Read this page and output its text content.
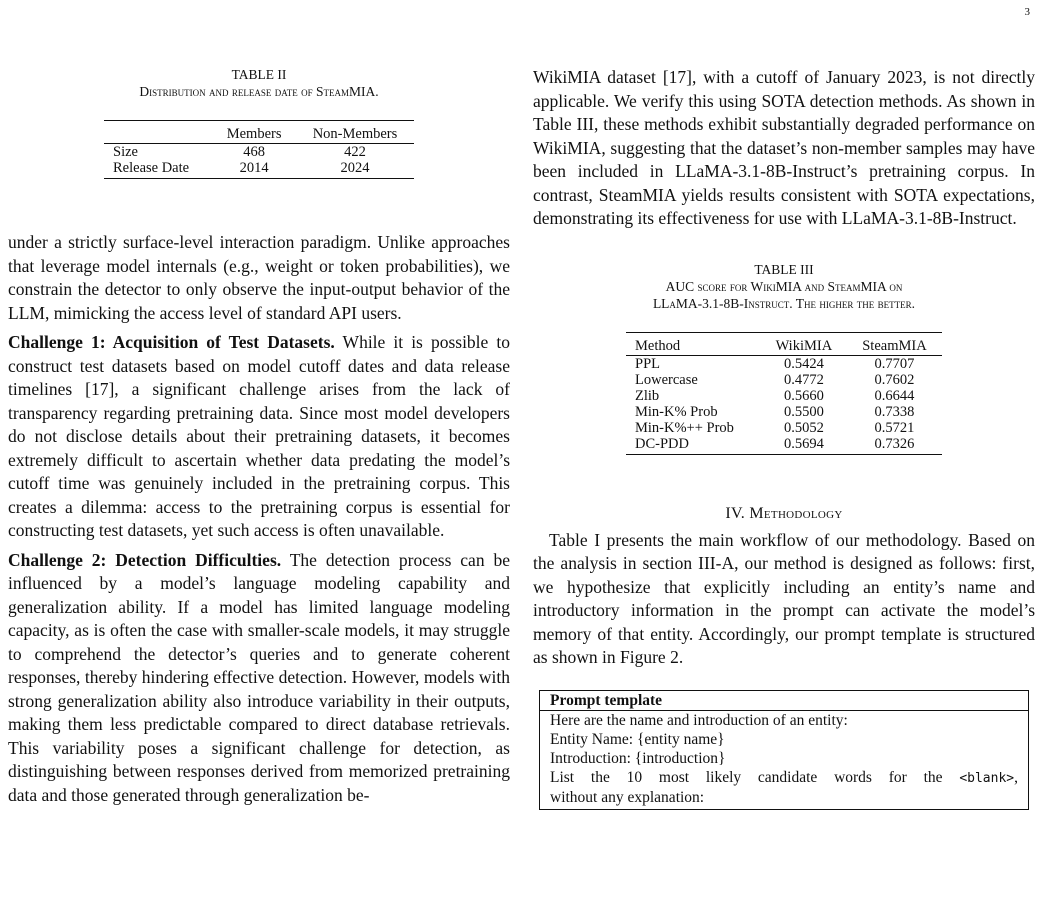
3
TABLE II
Distribution and release date of SteamMIA.
	Members	Non-Members
Size	468	422
Release Date	2014	2024

under a strictly surface-level interaction paradigm. Unlike approaches that leverage model internals (e.g., weight or token probabilities), we constrain the detector to only observe the input-output behavior of the LLM, mimicking the access level of standard API users.

Challenge 1: Acquisition of Test Datasets. While it is possible to construct test datasets based on model cutoff dates and data release timelines [17], a significant challenge arises from the lack of transparency regarding pretraining data. Since most model developers do not disclose details about their pretraining datasets, it becomes extremely difficult to ascertain whether data predating the model’s cutoff time was genuinely included in the pretraining corpus. This creates a dilemma: access to the pretraining corpus is essential for constructing test datasets, yet such access is often unavailable.

Challenge 2: Detection Difficulties. The detection process can be influenced by a model’s language modeling capability and generalization ability. If a model has limited language modeling capacity, as is often the case with smaller-scale models, it may struggle to comprehend the detector’s queries and to generate coherent responses, thereby hindering effective detection. However, models with strong generalization ability also introduce variability in their outputs, making them less predictable compared to direct database retrievals. This variability poses a significant challenge for detection, as distinguishing between responses derived from memorized pretraining data and those generated through generalization be-

WikiMIA dataset [17], with a cutoff of January 2023, is not directly applicable. We verify this using SOTA detection methods. As shown in Table III, these methods exhibit substantially degraded performance on WikiMIA, suggesting that the dataset’s non-member samples may have been included in LLaMA-3.1-8B-Instruct’s pretraining corpus. In contrast, SteamMIA yields results consistent with SOTA expectations, demonstrating its effectiveness for use with LLaMA-3.1-8B-Instruct.

TABLE III
AUC score for WikiMIA and SteamMIA on
LLaMA-3.1-8B-Instruct. The higher the better.
Method	WikiMIA	SteamMIA
PPL	0.5424	0.7707
Lowercase	0.4772	0.7602
Zlib	0.5660	0.6644
Min-K% Prob	0.5500	0.7338
Min-K%++ Prob	0.5052	0.5721
DC-PDD	0.5694	0.7326
IV. Methodology

Table I presents the main workflow of our methodology. Based on the analysis in section III-A, our method is designed as follows: first, we hypothesize that explicitly including an entity’s name and introductory information in the prompt can activate the model’s memory of that entity. Accordingly, our prompt template is structured as shown in Figure 2.

Prompt template
Here are the name and introduction of an entity:
Entity Name: {entity name}
Introduction: {introduction}
List the 10 most likely candidate words for the <blank>,
without any explanation:
